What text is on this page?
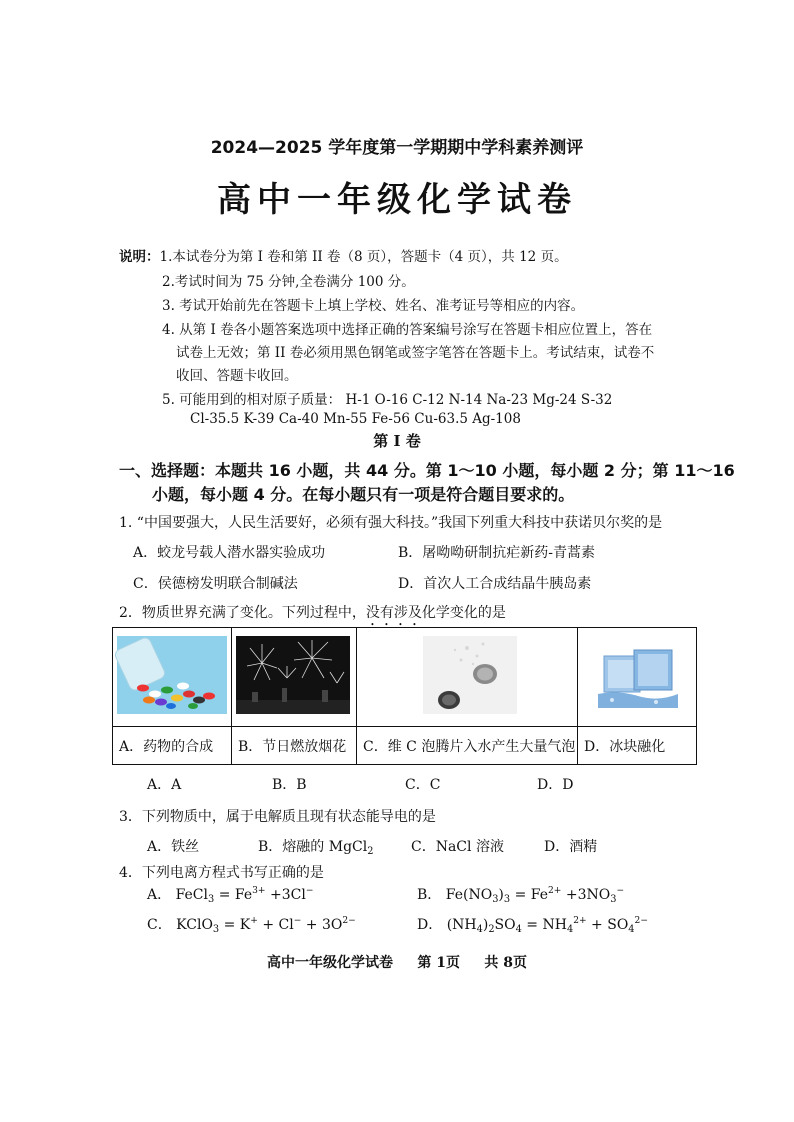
2024—2025 学年度第一学期期中学科素养测评
高中一年级化学试卷
说明：1.本试卷分为第 I 卷和第 II 卷（8 页），答题卡（4 页），共 12 页。
2.考试时间为 75 分钟,全卷满分 100 分。
3. 考试开始前先在答题卡上填上学校、姓名、准考证号等相应的内容。
4. 从第 I 卷各小题答案选项中选择正确的答案编号涂写在答题卡相应位置上，答在
试卷上无效；第 II 卷必须用黑色钢笔或签字笔答在答题卡上。考试结束，试卷不
收回、答题卡收回。
5. 可能用到的相对原子质量： H-1 O-16 C-12 N-14 Na-23 Mg-24 S-32
Cl-35.5 K-39 Ca-40 Mn-55 Fe-56 Cu-63.5 Ag-108
第 I 卷
一、选择题：本题共 16 小题，共 44 分。第 1～10 小题，每小题 2 分；第 11～16
小题，每小题 4 分。在每小题只有一项是符合题目要求的。
1. “中国要强大，人民生活要好，必须有强大科技。”我国下列重大科技中获诺贝尔奖的是
A．蛟龙号载人潜水器实验成功	B．屠呦呦研制抗疟新药-青蒿素
C．侯德榜发明联合制碱法	D．首次人工合成结晶牛胰岛素
2．物质世界充满了变化。下列过程中，没有涉及化学变化的是

A．药物的合成	B．节日燃放烟花	C．维 C 泡腾片入水产生大量气泡	D．冰块融化
A．A	B．B	C．C	D．D
3．下列物质中，属于电解质且现有状态能导电的是
A．铁丝	B．熔融的 MgCl$_2$	C．NaCl 溶液	D．酒精
4．下列电离方程式书写正确的是
A． FeCl$_3$ = $Fe^{3+} +3Cl^-$	B． $Fe(NO_3)_3 = Fe^{2+} +3NO_3^-$
C． KClO$_3$ = $K^+ + Cl^- + 3O^{2-}$	D． $(NH_4)_2SO_4 = NH_4^{2+} + SO_4^{2-}$
高中一年级化学试卷     第 1页     共 8页
